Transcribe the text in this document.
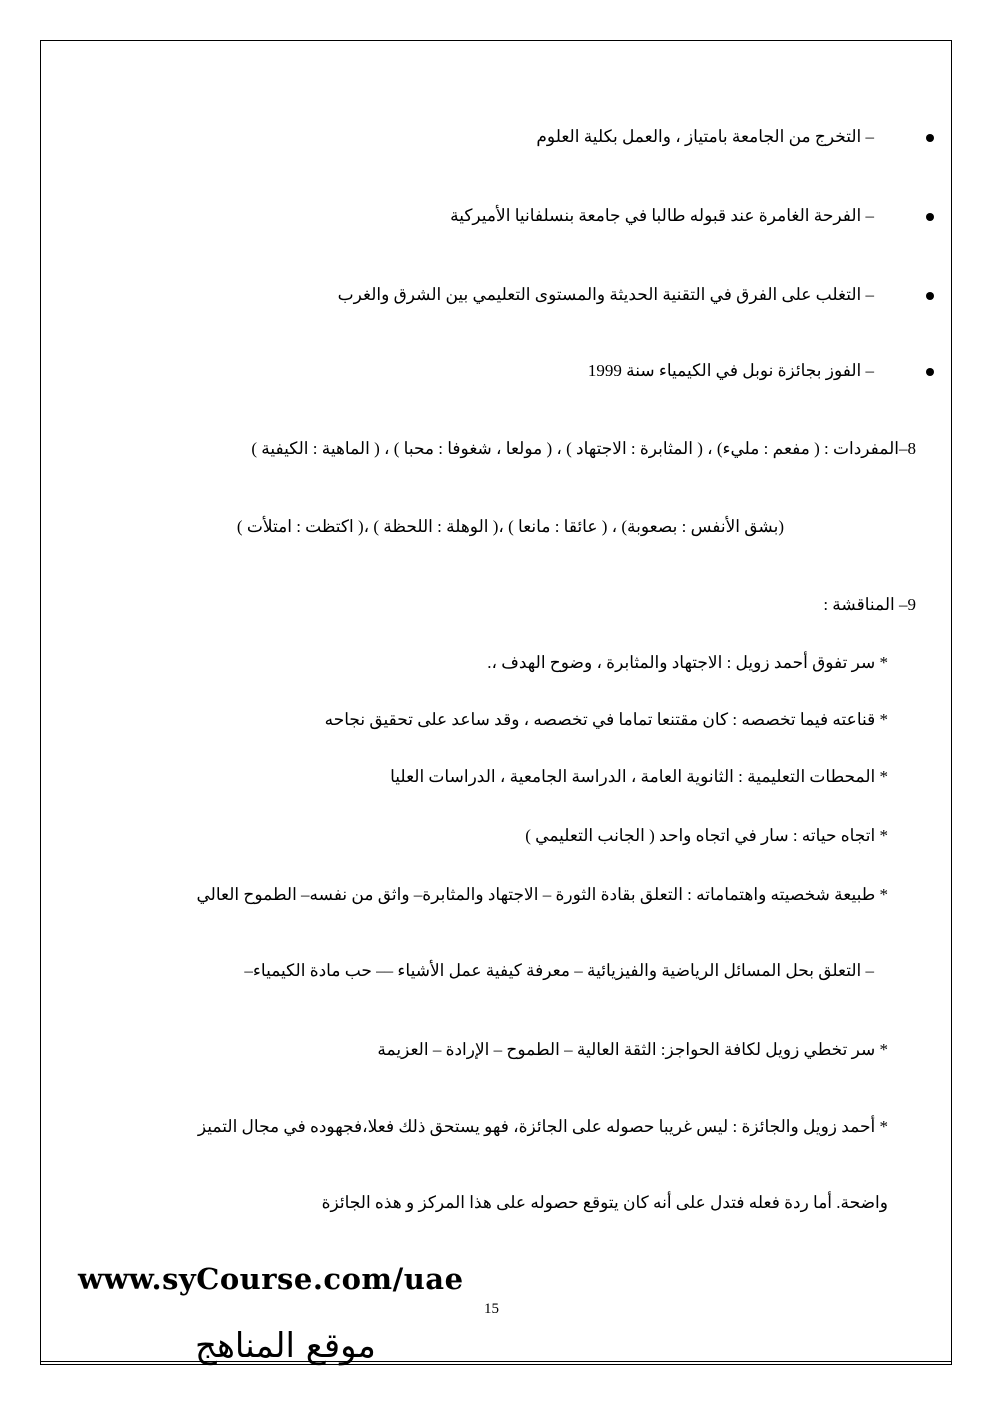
– التخرج من الجامعة بامتياز ، والعمل بكلية العلوم
– الفرحة الغامرة عند قبوله طالبا في جامعة بنسلفانيا الأميركية
– التغلب على الفرق في التقنية الحديثة والمستوى التعليمي بين الشرق والغرب
– الفوز بجائزة نوبل في الكيمياء سنة 1999
8–المفردات : ( مفعم : مليء) ، ( المثابرة : الاجتهاد ) ، ( مولعا ، شغوفا : محبا ) ، ( الماهية : الكيفية )
(بشق الأنفس : بصعوبة) ، ( عائقا : مانعا ) ،( الوهلة : اللحظة ) ،( اكتظت : امتلأت )
9– المناقشة :
* سر تفوق أحمد زويل : الاجتهاد والمثابرة ، وضوح الهدف ،.
* قناعته فيما تخصصه : كان مقتنعا تماما في تخصصه ، وقد ساعد على تحقيق نجاحه
* المحطات التعليمية : الثانوية العامة ، الدراسة الجامعية ، الدراسات العليا
* اتجاه حياته : سار في اتجاه واحد ( الجانب التعليمي )
* طبيعة شخصيته واهتماماته : التعلق بقادة الثورة – الاجتهاد والمثابرة– واثق من نفسه– الطموح العالي
– التعلق بحل المسائل الرياضية والفيزيائية – معرفة كيفية عمل الأشياء –– حب مادة الكيمياء–
* سر تخطي زويل لكافة الحواجز: الثقة العالية – الطموح – الإرادة – العزيمة
* أحمد زويل والجائزة : ليس غريبا حصوله على الجائزة، فهو يستحق ذلك فعلا،فجهوده في مجال التميز
واضحة. أما ردة فعله فتدل على أنه كان يتوقع حصوله على هذا المركز و هذه الجائزة
www.syCourse.com/uae
15
موقع المناهج
